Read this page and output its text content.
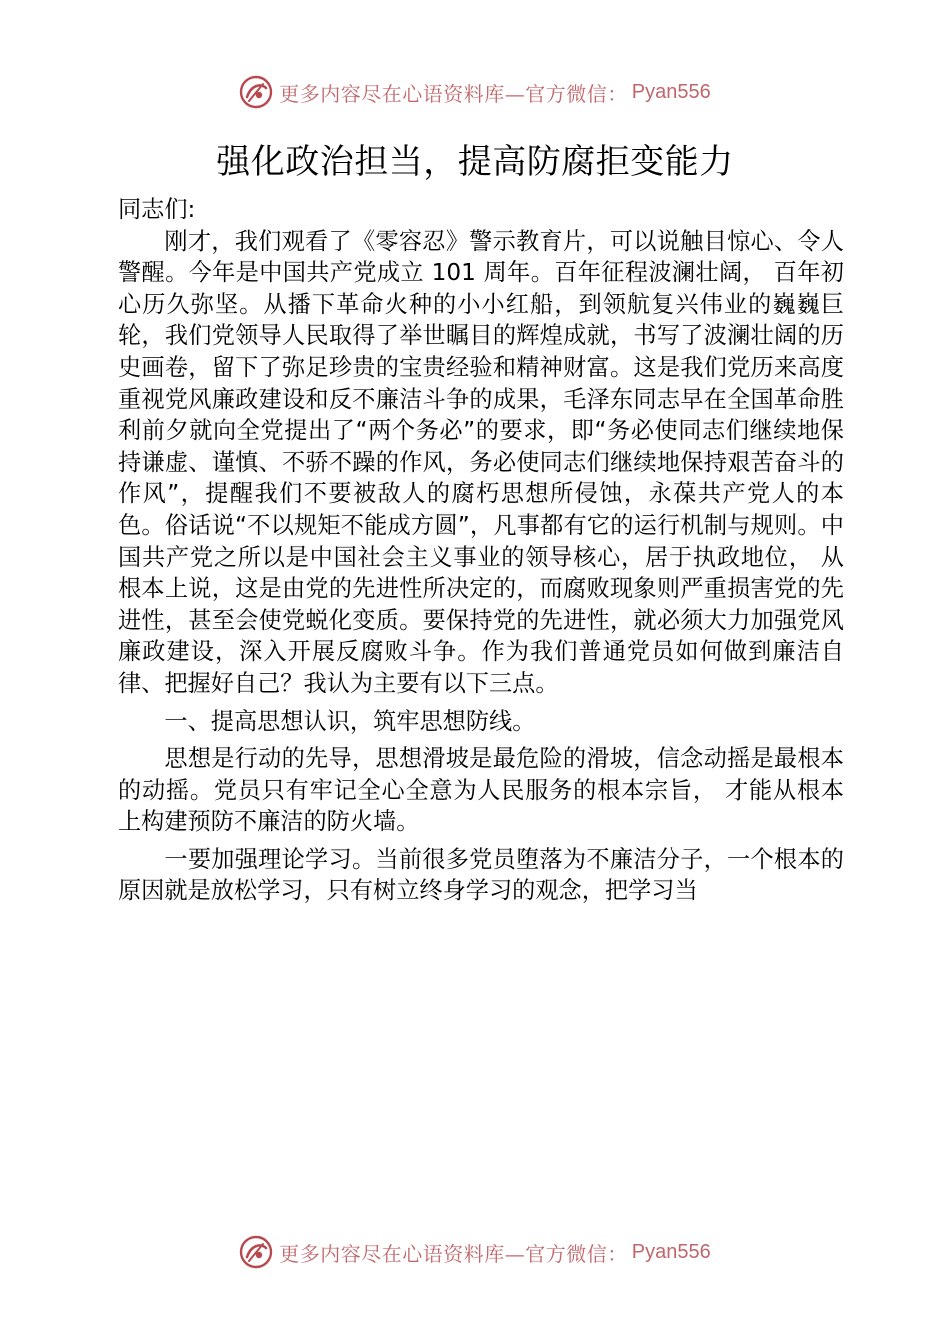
更多内容尽在心语资料库—官方微信： Pyan556
强化政治担当，提高防腐拒变能力

同志们:

刚才，我们观看了《零容忍》警示教育片，可以说触目惊心、令人警醒。今年是中国共产党成立 101 周年。百年征程波澜壮阔， 百年初心历久弥坚。从播下革命火种的小小红船，到领航复兴伟业的巍巍巨轮，我们党领导人民取得了举世瞩目的辉煌成就，书写了波澜壮阔的历史画卷，留下了弥足珍贵的宝贵经验和精神财富。这是我们党历来高度重视党风廉政建设和反不廉洁斗争的成果，毛泽东同志早在全国革命胜利前夕就向全党提出了“两个务必”的要求，即“务必使同志们继续地保持谦虚、谨慎、不骄不躁的作风，务必使同志们继续地保持艰苦奋斗的作风”，提醒我们不要被敌人的腐朽思想所侵蚀，永葆共产党人的本色。俗话说“不以规矩不能成方圆”，凡事都有它的运行机制与规则。中国共产党之所以是中国社会主义事业的领导核心，居于执政地位， 从根本上说，这是由党的先进性所决定的，而腐败现象则严重损害党的先进性，甚至会使党蜕化变质。要保持党的先进性，就必须大力加强党风廉政建设，深入开展反腐败斗争。作为我们普通党员如何做到廉洁自律、把握好自己？我认为主要有以下三点。

一、提高思想认识，筑牢思想防线。

思想是行动的先导，思想滑坡是最危险的滑坡，信念动摇是最根本的动摇。党员只有牢记全心全意为人民服务的根本宗旨， 才能从根本上构建预防不廉洁的防火墙。

一要加强理论学习。当前很多党员堕落为不廉洁分子，一个根本的原因就是放松学习，只有树立终身学习的观念，把学习当

更多内容尽在心语资料库—官方微信： Pyan556
